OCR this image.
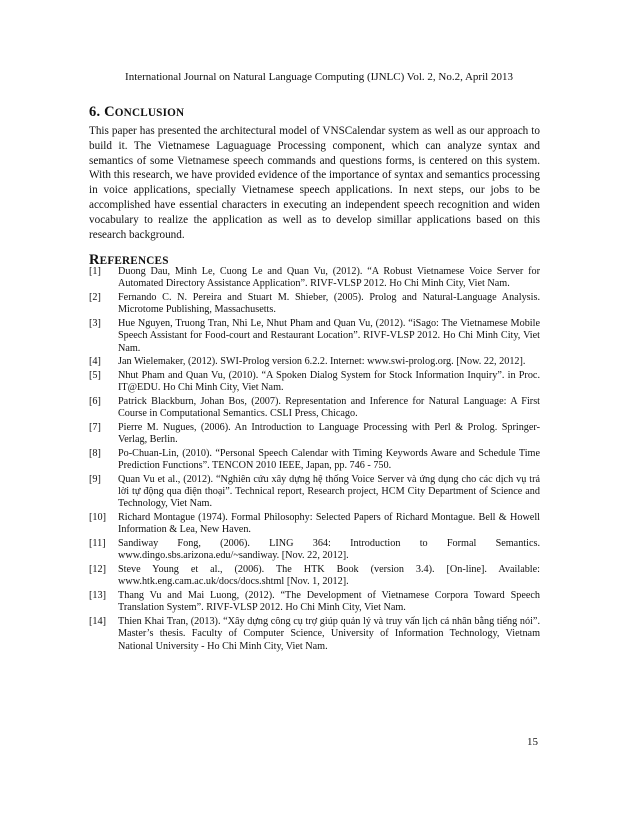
International Journal on Natural Language Computing (IJNLC) Vol. 2, No.2, April 2013
6. CONCLUSION

This paper has presented the architectural model of VNSCalendar system as well as our approach to build it. The Vietnamese Laguaguage Processing component, which can analyze syntax and semantics of some Vietnamese speech commands and questions forms, is centered on this system. With this research, we have provided evidence of the importance of syntax and semantics processing in voice applications, specially Vietnamese speech applications. In next steps, our jobs to be accomplished have essential characters in executing an independent speech recognition and widen vocabulary to realize the application as well as to develop simillar applications based on this research background.

REFERENCES
[1] Duong Dau, Minh Le, Cuong Le and Quan Vu, (2012). “A Robust Vietnamese Voice Server for Automated Directory Assistance Application”. RIVF-VLSP 2012. Ho Chi Minh City, Viet Nam.
[2] Fernando C. N. Pereira and Stuart M. Shieber, (2005). Prolog and Natural-Language Analysis. Microtome Publishing, Massachusetts.
[3] Hue Nguyen, Truong Tran, Nhi Le, Nhut Pham and Quan Vu, (2012). “iSago: The Vietnamese Mobile Speech Assistant for Food-court and Restaurant Location”. RIVF-VLSP 2012. Ho Chi Minh City, Viet Nam.
[4] Jan Wielemaker, (2012). SWI-Prolog version 6.2.2. Internet: www.swi-prolog.org. [Now. 22, 2012].
[5] Nhut Pham and Quan Vu, (2010). “A Spoken Dialog System for Stock Information Inquiry”. in Proc. IT@EDU. Ho Chi Minh City, Viet Nam.
[6] Patrick Blackburn, Johan Bos, (2007). Representation and Inference for Natural Language: A First Course in Computational Semantics. CSLI Press, Chicago.
[7] Pierre M. Nugues, (2006). An Introduction to Language Processing with Perl & Prolog. Springer-Verlag, Berlin.
[8] Po-Chuan-Lin, (2010). “Personal Speech Calendar with Timing Keywords Aware and Schedule Time Prediction Functions”. TENCON 2010 IEEE, Japan, pp. 746 - 750.
[9] Quan Vu et al., (2012). “Nghiên cứu xây dựng hệ thống Voice Server và ứng dụng cho các dịch vụ trả lời tự động qua điện thoại”. Technical report, Research project, HCM City Department of Science and Technology, Viet Nam.
[10] Richard Montague (1974). Formal Philosophy: Selected Papers of Richard Montague. Bell & Howell Information & Lea, New Haven.
[11] Sandiway Fong, (2006). LING 364: Introduction to Formal Semantics. www.dingo.sbs.arizona.edu/~sandiway. [Nov. 22, 2012].
[12] Steve Young et al., (2006). The HTK Book (version 3.4). [On-line]. Available: www.htk.eng.cam.ac.uk/docs/docs.shtml [Nov. 1, 2012].
[13] Thang Vu and Mai Luong, (2012). “The Development of Vietnamese Corpora Toward Speech Translation System”. RIVF-VLSP 2012. Ho Chi Minh City, Viet Nam.
[14] Thien Khai Tran, (2013). “Xây dựng công cụ trợ giúp quản lý và truy vấn lịch cá nhân bằng tiếng nói”. Master’s thesis. Faculty of Computer Science, University of Information Technology, Vietnam National University - Ho Chi Minh City, Viet Nam.
15
